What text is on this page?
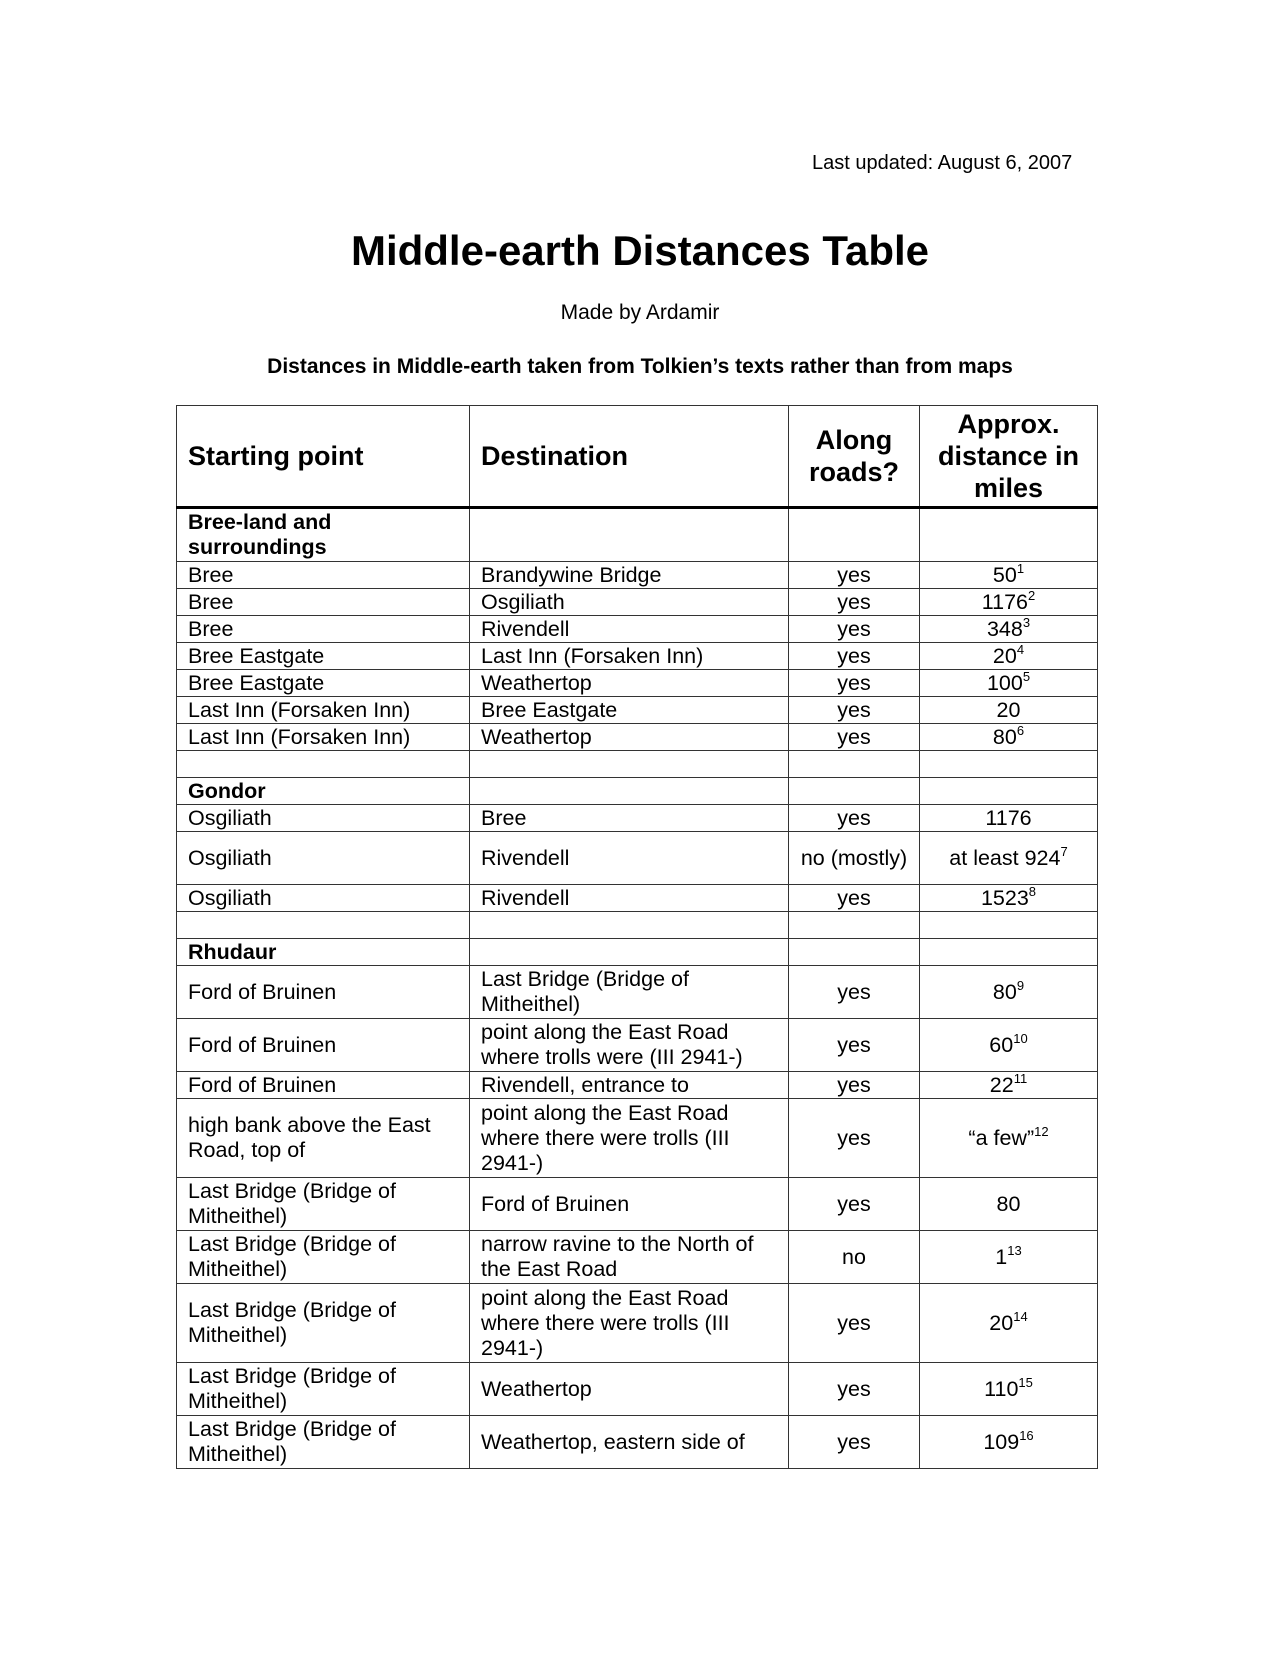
Last updated: August 6, 2007
Middle-earth Distances Table
Made by Ardamir
Distances in Middle-earth taken from Tolkien’s texts rather than from maps
Starting point	Destination	Along roads?	Approx. distance in miles
Bree-land and surroundings			
Bree	Brandywine Bridge	yes	$50^1$
Bree	Osgiliath	yes	1176$^2$
Bree	Rivendell	yes	$348^3$
Bree Eastgate	Last Inn (Forsaken Inn)	yes	$20^4$
Bree Eastgate	Weathertop	yes	$100^5$
Last Inn (Forsaken Inn)	Bree Eastgate	yes	20
Last Inn (Forsaken Inn)	Weathertop	yes	$80^6$

Gondor			
Osgiliath	Bree	yes	1176
Osgiliath	Rivendell	no (mostly)	at least $924^7$
Osgiliath	Rivendell	yes	1523$^8$

Rhudaur			
Ford of Bruinen	Last Bridge (Bridge of Mitheithel)	yes	$80^9$
Ford of Bruinen	point along the East Road where trolls were (III 2941-)	yes	$60^{10}$
Ford of Bruinen	Rivendell, entrance to	yes	$22^{11}$
high bank above the East Road, top of	point along the East Road where there were trolls (III 2941-)	yes	“a few”$^{12}$
Last Bridge (Bridge of Mitheithel)	Ford of Bruinen	yes	80
Last Bridge (Bridge of Mitheithel)	narrow ravine to the North of the East Road	no	$1^{13}$
Last Bridge (Bridge of Mitheithel)	point along the East Road where there were trolls (III 2941-)	yes	$20^{14}$
Last Bridge (Bridge of Mitheithel)	Weathertop	yes	$110^{15}$
Last Bridge (Bridge of Mitheithel)	Weathertop, eastern side of	yes	$109^{16}$
